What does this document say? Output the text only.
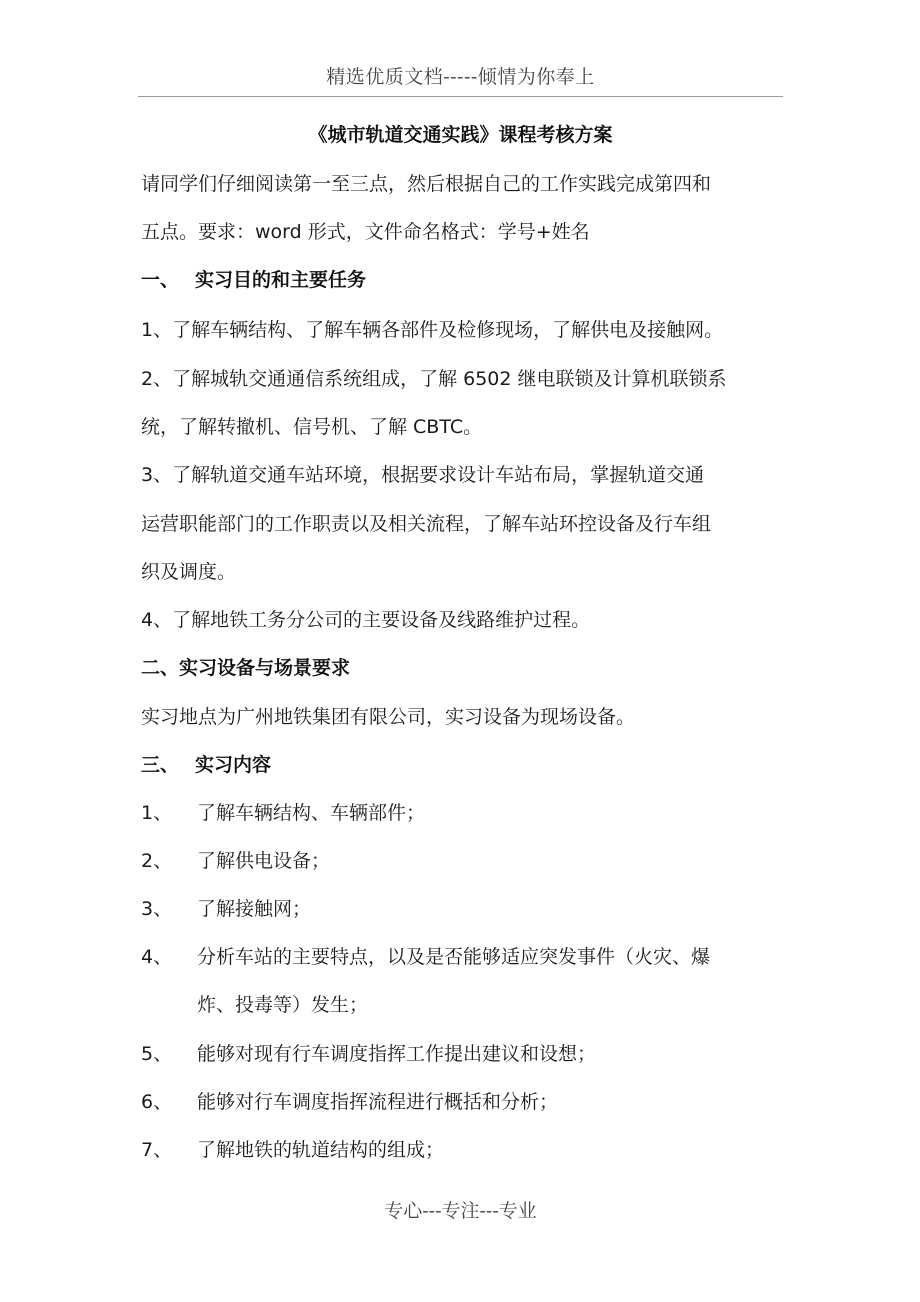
精选优质文档-----倾情为你奉上
《城市轨道交通实践》课程考核方案
请同学们仔细阅读第一至三点，然后根据自己的工作实践完成第四和
五点。要求：word 形式，文件命名格式：学号+姓名
一、 实习目的和主要任务
1、了解车辆结构、了解车辆各部件及检修现场，了解供电及接触网。
2、了解城轨交通通信系统组成，了解 6502 继电联锁及计算机联锁系
统，了解转撤机、信号机、了解 CBTC。
3、了解轨道交通车站环境，根据要求设计车站布局，掌握轨道交通
运营职能部门的工作职责以及相关流程，了解车站环控设备及行车组
织及调度。
4、了解地铁工务分公司的主要设备及线路维护过程。
二、实习设备与场景要求
实习地点为广州地铁集团有限公司，实习设备为现场设备。
三、 实习内容
1、 了解车辆结构、车辆部件；
2、 了解供电设备；
3、 了解接触网；
4、 分析车站的主要特点，以及是否能够适应突发事件（火灾、爆
炸、投毒等）发生；
5、 能够对现有行车调度指挥工作提出建议和设想；
6、 能够对行车调度指挥流程进行概括和分析；
7、 了解地铁的轨道结构的组成；
专心---专注---专业
